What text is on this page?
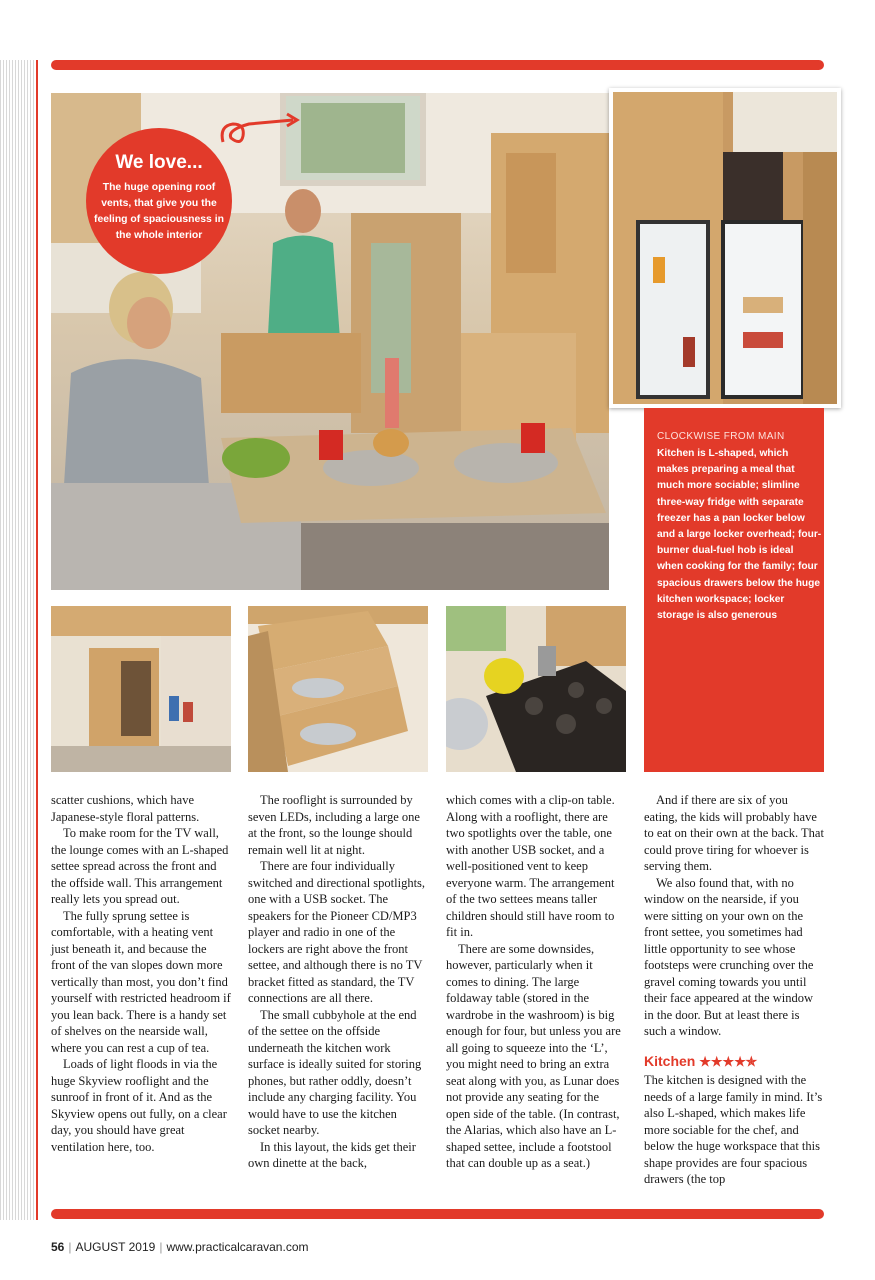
We love...
The huge opening roof vents, that give you the feeling of spaciousness in the whole interior
CLOCKWISE FROM MAIN
Kitchen is L-shaped, which makes preparing a meal that much more sociable; slimline three-way fridge with separate freezer has a pan locker below and a large locker overhead; four-burner dual-fuel hob is ideal when cooking for the family; four spacious drawers below the huge kitchen workspace; locker storage is also generous

scatter cushions, which have Japanese-style floral patterns.

To make room for the TV wall, the lounge comes with an L-shaped settee spread across the front and the offside wall. This arrangement really lets you spread out.

The fully sprung settee is comfortable, with a heating vent just beneath it, and because the front of the van slopes down more vertically than most, you don’t find yourself with restricted headroom if you lean back. There is a handy set of shelves on the nearside wall, where you can rest a cup of tea.

Loads of light floods in via the huge Skyview rooflight and the sunroof in front of it. And as the Skyview opens out fully, on a clear day, you should have great ventilation here, too.

The rooflight is surrounded by seven LEDs, including a large one at the front, so the lounge should remain well lit at night.

There are four individually switched and directional spotlights, one with a USB socket. The speakers for the Pioneer CD/MP3 player and radio in one of the lockers are right above the front settee, and although there is no TV bracket fitted as standard, the TV connections are all there.

The small cubbyhole at the end of the settee on the offside underneath the kitchen work surface is ideally suited for storing phones, but rather oddly, doesn’t include any charging facility. You would have to use the kitchen socket nearby.

In this layout, the kids get their own dinette at the back,

which comes with a clip-on table. Along with a rooflight, there are two spotlights over the table, one with another USB socket, and a well-positioned vent to keep everyone warm. The arrangement of the two settees means taller children should still have room to fit in.

There are some downsides, however, particularly when it comes to dining. The large foldaway table (stored in the wardrobe in the washroom) is big enough for four, but unless you are all going to squeeze into the ‘L’, you might need to bring an extra seat along with you, as Lunar does not provide any seating for the open side of the table. (In contrast, the Alarias, which also have an L-shaped settee, include a footstool that can double up as a seat.)

And if there are six of you eating, the kids will probably have to eat on their own at the back. That could prove tiring for whoever is serving them.

We also found that, with no window on the nearside, if you were sitting on your own on the front settee, you sometimes had little opportunity to see whose footsteps were crunching over the gravel coming towards you until their face appeared at the window in the door. But at least there is such a window.

Kitchen ★★★★✯

The kitchen is designed with the needs of a large family in mind. It’s also L-shaped, which makes life more sociable for the chef, and below the huge workspace that this shape provides are four spacious drawers (the top

56 | AUGUST 2019 | www.practicalcaravan.com
